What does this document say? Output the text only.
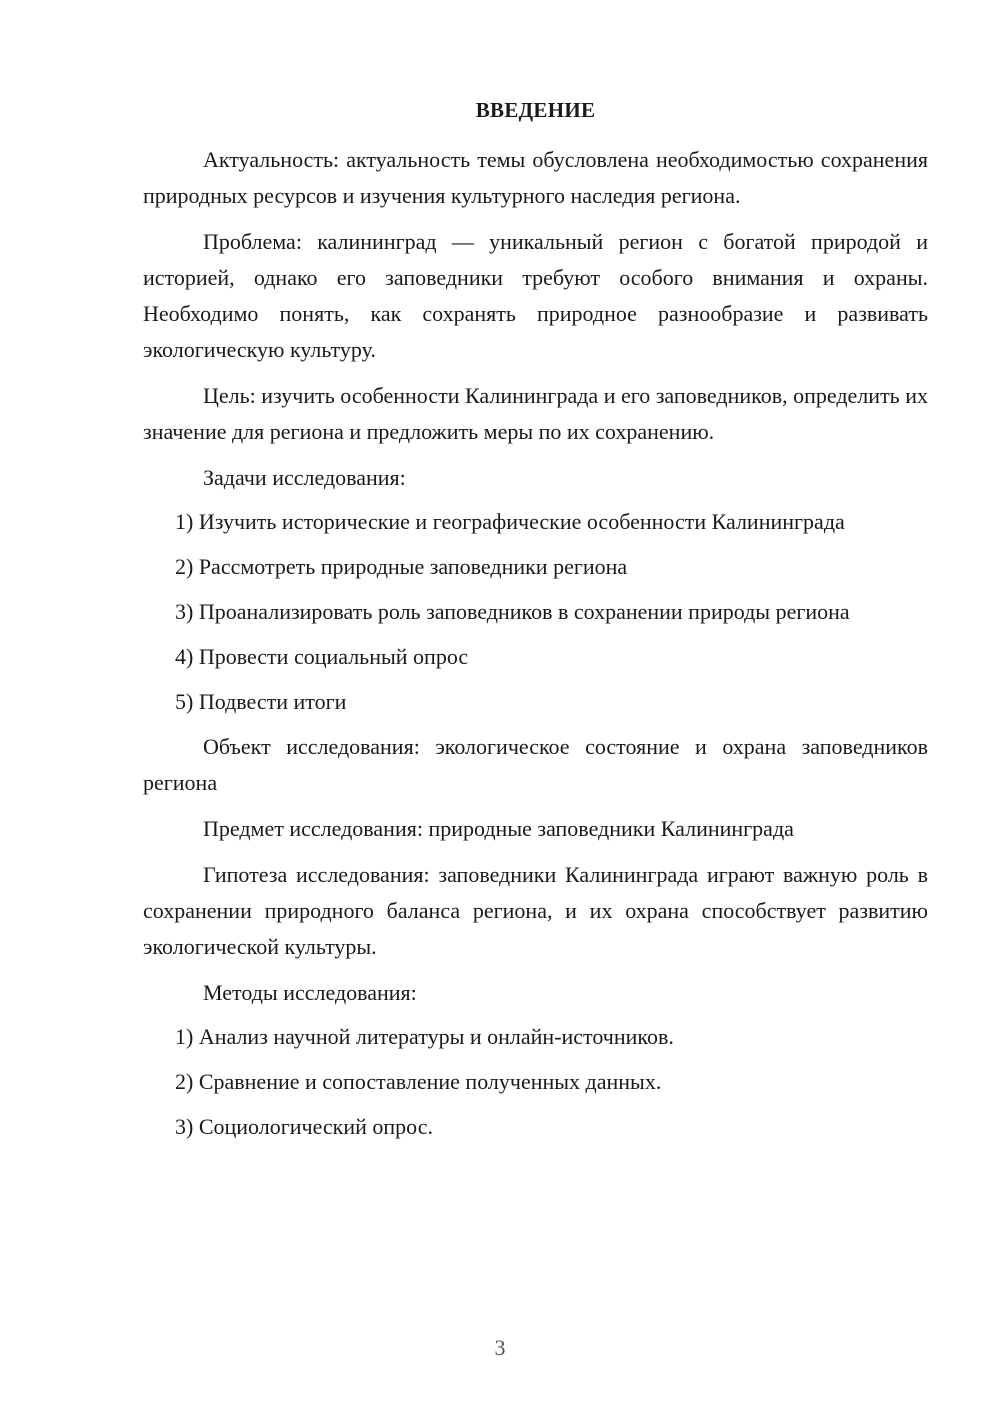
ВВЕДЕНИЕ

Актуальность: актуальность темы обусловлена необходимостью сохранения природных ресурсов и изучения культурного наследия региона.

Проблема: калининград — уникальный регион с богатой природой и историей, однако его заповедники требуют особого внимания и охраны. Необходимо понять, как сохранять природное разнообразие и развивать экологическую культуру.

Цель: изучить особенности Калининграда и его заповедников, определить их значение для региона и предложить меры по их сохранению.

Задачи исследования:

1) Изучить исторические и географические особенности Калининграда

2) Рассмотреть природные заповедники региона

3) Проанализировать роль заповедников в сохранении природы региона

4) Провести социальный опрос

5) Подвести итоги

Объект исследования: экологическое состояние и охрана заповедников региона

Предмет исследования: природные заповедники Калининграда

Гипотеза исследования: заповедники Калининграда играют важную роль в сохранении природного баланса региона, и их охрана способствует развитию экологической культуры.

Методы исследования:

1) Анализ научной литературы и онлайн-источников.

2) Сравнение и сопоставление полученных данных.

3) Социологический опрос.

3
